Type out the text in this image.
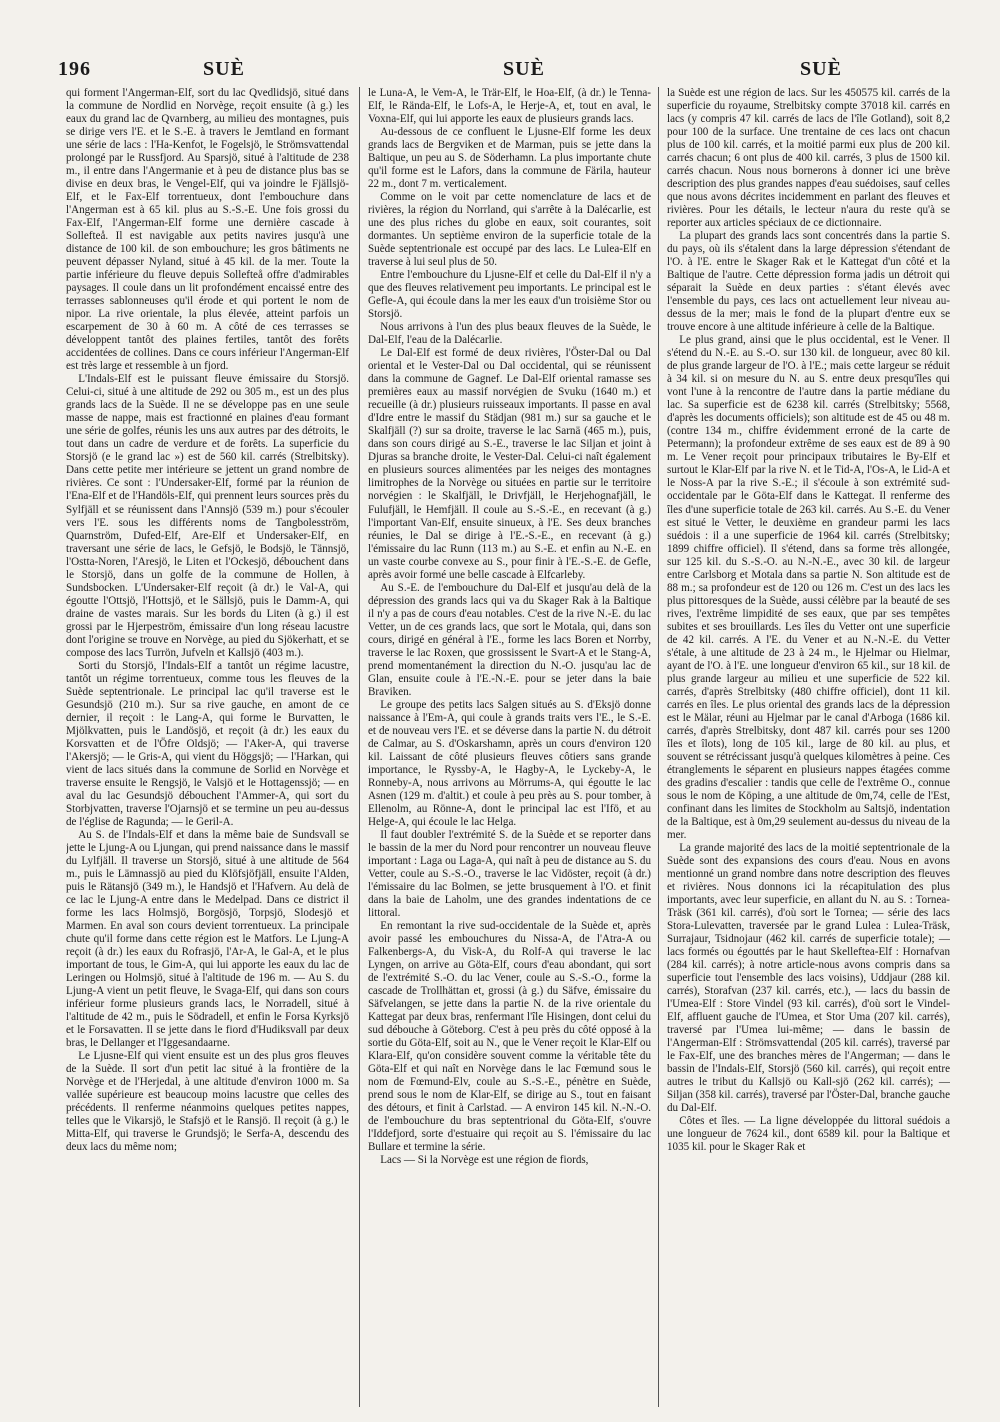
196	SUÈ	SUÈ	SUÈ

qui forment l'Angerman-Elf, sort du lac Qvedlidsjö, situé dans la commune de Nordlid en Norvège, reçoit ensuite (à g.) les eaux du grand lac de Qvarnberg, au milieu des montagnes, puis se dirige vers l'E. et le S.-E. à travers le Jemtland en formant une série de lacs : l'Ha-Kenfot, le Fogelsjö, le Strömsvattendal prolongé par le Russfjord. Au Sparsjö, situé à l'altitude de 238 m., il entre dans l'Angermanie et à peu de distance plus bas se divise en deux bras, le Vengel-Elf, qui va joindre le Fjällsjö-Elf, et le Fax-Elf torrentueux, dont l'embouchure dans l'Angerman est à 65 kil. plus au S.-S.-E. Une fois grossi du Fax-Elf, l'Angerman-Elf forme une dernière cascade à Sollefteå. Il est navigable aux petits navires jusqu'à une distance de 100 kil. de son embouchure; les gros bâtiments ne peuvent dépasser Nyland, situé à 45 kil. de la mer. Toute la partie inférieure du fleuve depuis Sollefteå offre d'admirables paysages. Il coule dans un lit profondément encaissé entre des terrasses sablonneuses qu'il érode et qui portent le nom de nipor. La rive orientale, la plus élevée, atteint parfois un escarpement de 30 à 60 m. A côté de ces terrasses se développent tantôt des plaines fertiles, tantôt des forêts accidentées de collines. Dans ce cours inférieur l'Angerman-Elf est très large et ressemble à un fjord.

L'Indals-Elf est le puissant fleuve émissaire du Storsjö. Celui-ci, situé à une altitude de 292 ou 305 m., est un des plus grands lacs de la Suède. Il ne se développe pas en une seule masse de nappe, mais est fractionné en plaines d'eau formant une série de golfes, réunis les uns aux autres par des détroits, le tout dans un cadre de verdure et de forêts. La superficie du Storsjö (e le grand lac ») est de 560 kil. carrés (Strelbitsky). Dans cette petite mer intérieure se jettent un grand nombre de rivières. Ce sont : l'Undersaker-Elf, formé par la réunion de l'Ena-Elf et de l'Handöls-Elf, qui prennent leurs sources près du Sylfjäll et se réunissent dans l'Annsjö (539 m.) pour s'écouler vers l'E. sous les différents noms de Tangbolesström, Quarnström, Dufed-Elf, Are-Elf et Undersaker-Elf, en traversant une série de lacs, le Gefsjö, le Bodsjö, le Tännsjö, l'Ostta-Noren, l'Aresjö, le Liten et l'Ockesjö, débouchent dans le Storsjö, dans un golfe de la commune de Hollen, à Sundsbocken. L'Undersaker-Elf reçoit (à dr.) le Val-A, qui égoutte l'Ottsjö, l'Hottsjö, et le Sällsjö, puis le Damm-A, qui draine de vastes marais. Sur les bords du Liten (à g.) il est grossi par le Hjerpeström, émissaire d'un long réseau lacustre dont l'origine se trouve en Norvège, au pied du Sjökerhatt, et se compose des lacs Turrön, Jufveln et Kallsjö (403 m.).

Sorti du Storsjö, l'Indals-Elf a tantôt un régime lacustre, tantôt un régime torrentueux, comme tous les fleuves de la Suède septentrionale. Le principal lac qu'il traverse est le Gesundsjö (210 m.). Sur sa rive gauche, en amont de ce dernier, il reçoit : le Lang-A, qui forme le Burvatten, le Mjölkvatten, puis le Landösjö, et reçoit (à dr.) les eaux du Korsvatten et de l'Öfre Oldsjö; — l'Aker-A, qui traverse l'Akersjö; — le Gris-A, qui vient du Höggsjö; — l'Harkan, qui vient de lacs situés dans la commune de Sorlid en Norvège et traverse ensuite le Rengsjö, le Valsjö et le Hottagenssjö; — en aval du lac Gesundsjö débouchent l'Ammer-A, qui sort du Storbjvatten, traverse l'Ojarnsjö et se termine un peu au-dessus de l'église de Ragunda; — le Geril-A.

Au S. de l'Indals-Elf et dans la même baie de Sundsvall se jette le Ljung-A ou Ljungan, qui prend naissance dans le massif du Lylfjäll. Il traverse un Storsjö, situé à une altitude de 564 m., puis le Lämnassjö au pied du Klöfsjöfjäll, ensuite l'Alden, puis le Rätansjö (349 m.), le Handsjö et l'Hafvern. Au delà de ce lac le Ljung-A entre dans le Medelpad. Dans ce district il forme les lacs Holmsjö, Borgösjö, Torpsjö, Slodesjö et Marmen. En aval son cours devient torrentueux. La principale chute qu'il forme dans cette région est le Matfors. Le Ljung-A reçoit (à dr.) les eaux du Rofrasjö, l'Ar-A, le Gal-A, et le plus important de tous, le Gim-A, qui lui apporte les eaux du lac de Leringen ou Holmsjö, situé à l'altitude de 196 m. — Au S. du Ljung-A vient un petit fleuve, le Svaga-Elf, qui dans son cours inférieur forme plusieurs grands lacs, le Norradell, situé à l'altitude de 42 m., puis le Södradell, et enfin le Forsa Kyrksjö et le Forsavatten. Il se jette dans le fiord d'Hudiksvall par deux bras, le Dellanger et l'Iggesandaarne.

Le Ljusne-Elf qui vient ensuite est un des plus gros fleuves de la Suède. Il sort d'un petit lac situé à la frontière de la Norvège et de l'Herjedal, à une altitude d'environ 1000 m. Sa vallée supérieure est beaucoup moins lacustre que celles des précédents. Il renferme néanmoins quelques petites nappes, telles que le Vikarsjö, le Stafsjö et le Ransjö. Il reçoit (à g.) le Mitta-Elf, qui traverse le Grundsjö; le Serfa-A, descendu des deux lacs du même nom;

le Luna-A, le Vem-A, le Trär-Elf, le Hoa-Elf, (à dr.) le Tenna-Elf, le Rända-Elf, le Lofs-A, le Herje-A, et, tout en aval, le Voxna-Elf, qui lui apporte les eaux de plusieurs grands lacs.

Au-dessous de ce confluent le Ljusne-Elf forme les deux grands lacs de Bergviken et de Marman, puis se jette dans la Baltique, un peu au S. de Söderhamn. La plus importante chute qu'il forme est le Lafors, dans la commune de Färila, hauteur 22 m., dont 7 m. verticalement.

Comme on le voit par cette nomenclature de lacs et de rivières, la région du Norrland, qui s'arrête à la Dalécarlie, est une des plus riches du globe en eaux, soit courantes, soit dormantes. Un septième environ de la superficie totale de la Suède septentrionale est occupé par des lacs. Le Lulea-Elf en traverse à lui seul plus de 50.

Entre l'embouchure du Ljusne-Elf et celle du Dal-Elf il n'y a que des fleuves relativement peu importants. Le principal est le Gefle-A, qui écoule dans la mer les eaux d'un troisième Stor ou Storsjö.

Nous arrivons à l'un des plus beaux fleuves de la Suède, le Dal-Elf, l'eau de la Dalécarlie.

Le Dal-Elf est formé de deux rivières, l'Öster-Dal ou Dal oriental et le Vester-Dal ou Dal occidental, qui se réunissent dans la commune de Gagnef. Le Dal-Elf oriental ramasse ses premières eaux au massif norvégien de Svuku (1640 m.) et recueille (à dr.) plusieurs ruisseaux importants. Il passe en aval d'Idre entre le massif du Städjan (981 m.) sur sa gauche et le Skalfjäll (?) sur sa droite, traverse le lac Sarnä (465 m.), puis, dans son cours dirigé au S.-E., traverse le lac Siljan et joint à Djuras sa branche droite, le Vester-Dal. Celui-ci naît également en plusieurs sources alimentées par les neiges des montagnes limitrophes de la Norvège ou situées en partie sur le territoire norvégien : le Skalfjäll, le Drivfjäll, le Herjehognafjäll, le Fulufjäll, le Hemfjäll. Il coule au S.-S.-E., en recevant (à g.) l'important Van-Elf, ensuite sinueux, à l'E. Ses deux branches réunies, le Dal se dirige à l'E.-S.-E., en recevant (à g.) l'émissaire du lac Runn (113 m.) au S.-E. et enfin au N.-E. en un vaste courbe convexe au S., pour finir à l'E.-S.-E. de Gefle, après avoir formé une belle cascade à Elfcarleby.

Au S.-E. de l'embouchure du Dal-Elf et jusqu'au delà de la dépression des grands lacs qui va du Skager Rak à la Baltique il n'y a pas de cours d'eau notables. C'est de la rive N.-E. du lac Vetter, un de ces grands lacs, que sort le Motala, qui, dans son cours, dirigé en général à l'E., forme les lacs Boren et Norrby, traverse le lac Roxen, que grossissent le Svart-A et le Stang-A, prend momentanément la direction du N.-O. jusqu'au lac de Glan, ensuite coule à l'E.-N.-E. pour se jeter dans la baie Braviken.

Le groupe des petits lacs Salgen situés au S. d'Eksjö donne naissance à l'Em-A, qui coule à grands traits vers l'E., le S.-E. et de nouveau vers l'E. et se déverse dans la partie N. du détroit de Calmar, au S. d'Oskarshamn, après un cours d'environ 120 kil. Laissant de côté plusieurs fleuves côtiers sans grande importance, le Ryssby-A, le Hagby-A, le Lyckeby-A, le Ronneby-A, nous arrivons au Mörrums-A, qui égoutte le lac Asnen (129 m. d'altit.) et coule à peu près au S. pour tomber, à Ellenolm, au Rönne-A, dont le principal lac est l'Ifö, et au Helge-A, qui écoule le lac Helga.

Il faut doubler l'extrémité S. de la Suède et se reporter dans le bassin de la mer du Nord pour rencontrer un nouveau fleuve important : Laga ou Laga-A, qui naît à peu de distance au S. du Vetter, coule au S.-S.-O., traverse le lac Vidöster, reçoit (à dr.) l'émissaire du lac Bolmen, se jette brusquement à l'O. et finit dans la baie de Laholm, une des grandes indentations de ce littoral.

En remontant la rive sud-occidentale de la Suède et, après avoir passé les embouchures du Nissa-A, de l'Atra-A ou Falkenbergs-A, du Visk-A, du Rolf-A qui traverse le lac Lyngen, on arrive au Göta-Elf, cours d'eau abondant, qui sort de l'extrémité S.-O. du lac Vener, coule au S.-S.-O., forme la cascade de Trollhättan et, grossi (à g.) du Säfve, émissaire du Säfvelangen, se jette dans la partie N. de la rive orientale du Kattegat par deux bras, renfermant l'île Hisingen, dont celui du sud débouche à Göteborg. C'est à peu près du côté opposé à la sortie du Göta-Elf, soit au N., que le Vener reçoit le Klar-Elf ou Klara-Elf, qu'on considère souvent comme la véritable tête du Göta-Elf et qui naît en Norvège dans le lac Fœmund sous le nom de Fœmund-Elv, coule au S.-S.-E., pénètre en Suède, prend sous le nom de Klar-Elf, se dirige au S., tout en faisant des détours, et finit à Carlstad. — A environ 145 kil. N.-N.-O. de l'embouchure du bras septentrional du Göta-Elf, s'ouvre l'Iddefjord, sorte d'estuaire qui reçoit au S. l'émissaire du lac Bullare et termine la série.

Lacs — Si la Norvège est une région de fiords,

la Suède est une région de lacs. Sur les 450575 kil. carrés de la superficie du royaume, Strelbitsky compte 37018 kil. carrés en lacs (y compris 47 kil. carrés de lacs de l'île Gotland), soit 8,2 pour 100 de la surface. Une trentaine de ces lacs ont chacun plus de 100 kil. carrés, et la moitié parmi eux plus de 200 kil. carrés chacun; 6 ont plus de 400 kil. carrés, 3 plus de 1500 kil. carrés chacun. Nous nous bornerons à donner ici une brève description des plus grandes nappes d'eau suédoises, sauf celles que nous avons décrites incidemment en parlant des fleuves et rivières. Pour les détails, le lecteur n'aura du reste qu'à se reporter aux articles spéciaux de ce dictionnaire.

La plupart des grands lacs sont concentrés dans la partie S. du pays, où ils s'étalent dans la large dépression s'étendant de l'O. à l'E. entre le Skager Rak et le Kattegat d'un côté et la Baltique de l'autre. Cette dépression forma jadis un détroit qui séparait la Suède en deux parties : s'étant élevés avec l'ensemble du pays, ces lacs ont actuellement leur niveau au-dessus de la mer; mais le fond de la plupart d'entre eux se trouve encore à une altitude inférieure à celle de la Baltique.

Le plus grand, ainsi que le plus occidental, est le Vener. Il s'étend du N.-E. au S.-O. sur 130 kil. de longueur, avec 80 kil. de plus grande largeur de l'O. à l'E.; mais cette largeur se réduit à 34 kil. si on mesure du N. au S. entre deux presqu'îles qui vont l'une à la rencontre de l'autre dans la partie médiane du lac. Sa superficie est de 6238 kil. carrés (Strelbitsky; 5568, d'après les documents officiels); son altitude est de 45 ou 48 m. (contre 134 m., chiffre évidemment erroné de la carte de Petermann); la profondeur extrême de ses eaux est de 89 à 90 m. Le Vener reçoit pour principaux tributaires le By-Elf et surtout le Klar-Elf par la rive N. et le Tid-A, l'Os-A, le Lid-A et le Noss-A par la rive S.-E.; il s'écoule à son extrémité sud-occidentale par le Göta-Elf dans le Kattegat. Il renferme des îles d'une superficie totale de 263 kil. carrés. Au S.-E. du Vener est situé le Vetter, le deuxième en grandeur parmi les lacs suédois : il a une superficie de 1964 kil. carrés (Strelbitsky; 1899 chiffre officiel). Il s'étend, dans sa forme très allongée, sur 125 kil. du S.-S.-O. au N.-N.-E., avec 30 kil. de largeur entre Carlsborg et Motala dans sa partie N. Son altitude est de 88 m.; sa profondeur est de 120 ou 126 m. C'est un des lacs les plus pittoresques de la Suède, aussi célèbre par la beauté de ses rives, l'extrême limpidité de ses eaux, que par ses tempêtes subites et ses brouillards. Les îles du Vetter ont une superficie de 42 kil. carrés. A l'E. du Vener et au N.-N.-E. du Vetter s'étale, à une altitude de 23 à 24 m., le Hjelmar ou Hielmar, ayant de l'O. à l'E. une longueur d'environ 65 kil., sur 18 kil. de plus grande largeur au milieu et une superficie de 522 kil. carrés, d'après Strelbitsky (480 chiffre officiel), dont 11 kil. carrés en îles. Le plus oriental des grands lacs de la dépression est le Mälar, réuni au Hjelmar par le canal d'Arboga (1686 kil. carrés, d'après Strelbitsky, dont 487 kil. carrés pour ses 1200 îles et îlots), long de 105 kil., large de 80 kil. au plus, et souvent se rétrécissant jusqu'à quelques kilomètres à peine. Ces étranglements le séparent en plusieurs nappes étagées comme des gradins d'escalier : tandis que celle de l'extrême O., connue sous le nom de Köping, a une altitude de 0m,74, celle de l'Est, confinant dans les limites de Stockholm au Saltsjö, indentation de la Baltique, est à 0m,29 seulement au-dessus du niveau de la mer.

La grande majorité des lacs de la moitié septentrionale de la Suède sont des expansions des cours d'eau. Nous en avons mentionné un grand nombre dans notre description des fleuves et rivières. Nous donnons ici la récapitulation des plus importants, avec leur superficie, en allant du N. au S. : Tornea-Träsk (361 kil. carrés), d'où sort le Tornea; — série des lacs Stora-Lulevatten, traversée par le grand Lulea : Lulea-Träsk, Surrajaur, Tsidnojaur (462 kil. carrés de superficie totale); — lacs formés ou égouttés par le haut Skelleftea-Elf : Hornafvan (284 kil. carrés); à notre article-nous avons compris dans sa superficie tout l'ensemble des lacs voisins), Uddjaur (288 kil. carrés), Storafvan (237 kil. carrés, etc.), — lacs du bassin de l'Umea-Elf : Store Vindel (93 kil. carrés), d'où sort le Vindel-Elf, affluent gauche de l'Umea, et Stor Uma (207 kil. carrés), traversé par l'Umea lui-même; — dans le bassin de l'Angerman-Elf : Strömsvattendal (205 kil. carrés), traversé par le Fax-Elf, une des branches mères de l'Angerman; — dans le bassin de l'Indals-Elf, Storsjö (560 kil. carrés), qui reçoit entre autres le tribut du Kallsjö ou Kall-sjö (262 kil. carrés); — Siljan (358 kil. carrés), traversé par l'Öster-Dal, branche gauche du Dal-Elf.

Côtes et îles. — La ligne développée du littoral suédois a une longueur de 7624 kil., dont 6589 kil. pour la Baltique et 1035 kil. pour le Skager Rak et
